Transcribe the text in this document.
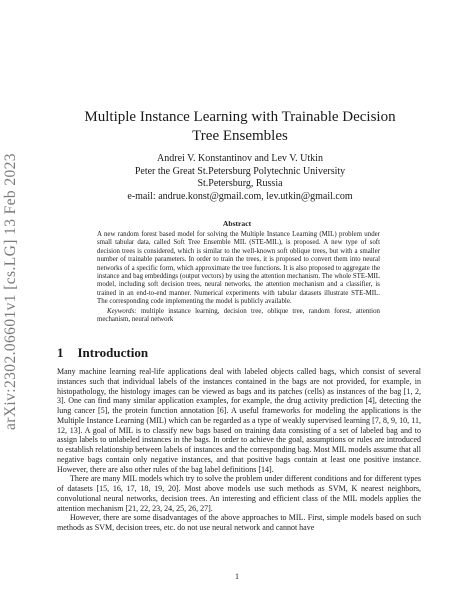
arXiv:2302.06601v1 [cs.LG] 13 Feb 2023
Multiple Instance Learning with Trainable Decision Tree Ensembles
Andrei V. Konstantinov and Lev V. Utkin
Peter the Great St.Petersburg Polytechnic University
St.Petersburg, Russia
e-mail: andrue.konst@gmail.com, lev.utkin@gmail.com
Abstract

A new random forest based model for solving the Multiple Instance Learning (MIL) problem under small tabular data, called Soft Tree Ensemble MIL (STE-MIL), is proposed. A new type of soft decision trees is considered, which is similar to the well-known soft oblique trees, but with a smaller number of trainable parameters. In order to train the trees, it is proposed to convert them into neural networks of a specific form, which approximate the tree functions. It is also proposed to aggregate the instance and bag embeddings (output vectors) by using the attention mechanism. The whole STE-MIL model, including soft decision trees, neural networks, the attention mechanism and a classifier, is trained in an end-to-end manner. Numerical experiments with tabular datasets illustrate STE-MIL. The corresponding code implementing the model is publicly available.

Keywords: multiple instance learning, decision tree, oblique tree, random forest, attention mechanism, neural network

1 Introduction

Many machine learning real-life applications deal with labeled objects called bags, which consist of several instances such that individual labels of the instances contained in the bags are not provided, for example, in histopathology, the histology images can be viewed as bags and its patches (cells) as instances of the bag [1, 2, 3]. One can find many similar application examples, for example, the drug activity prediction [4], detecting the lung cancer [5], the protein function annotation [6]. A useful frameworks for modeling the applications is the Multiple Instance Learning (MIL) which can be regarded as a type of weakly supervised learning [7, 8, 9, 10, 11, 12, 13]. A goal of MIL is to classify new bags based on training data consisting of a set of labeled bag and to assign labels to unlabeled instances in the bags. In order to achieve the goal, assumptions or rules are introduced to establish relationship between labels of instances and the corresponding bag. Most MIL models assume that all negative bags contain only negative instances, and that positive bags contain at least one positive instance. However, there are also other rules of the bag label definitions [14].

There are many MIL models which try to solve the problem under different conditions and for different types of datasets [15, 16, 17, 18, 19, 20]. Most above models use such methods as SVM, K nearest neighbors, convolutional neural networks, decision trees. An interesting and efficient class of the MIL models applies the attention mechanism [21, 22, 23, 24, 25, 26, 27].

However, there are some disadvantages of the above approaches to MIL. First, simple models based on such methods as SVM, decision trees, etc. do not use neural network and cannot have

1
